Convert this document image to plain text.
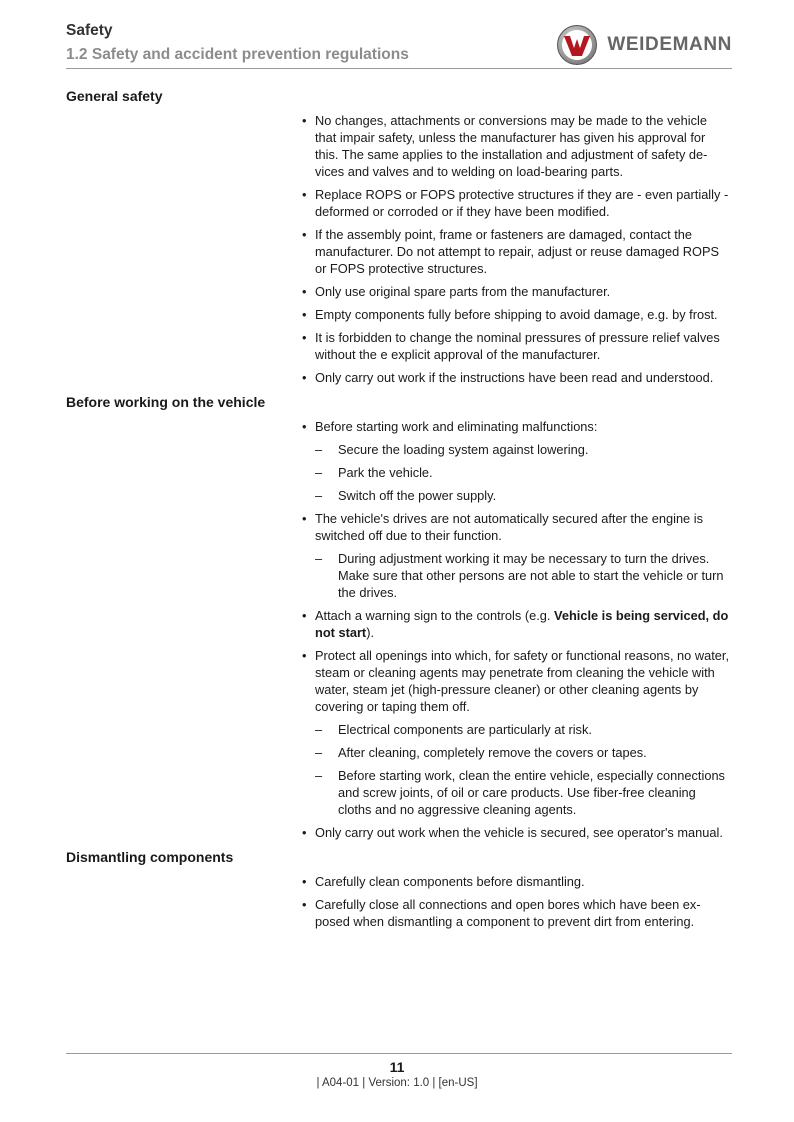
Safety
1.2 Safety and accident prevention regulations	WEIDEMANN
General safety
• No changes, attachments or conversions may be made to the vehicle that impair safety, unless the manufacturer has given his approval for this. The same applies to the installation and adjustment of safety devices and valves and to welding on load-bearing parts.
• Replace ROPS or FOPS protective structures if they are - even partially - deformed or corroded or if they have been modified.
• If the assembly point, frame or fasteners are damaged, contact the manufacturer. Do not attempt to repair, adjust or reuse damaged ROPS or FOPS protective structures.
• Only use original spare parts from the manufacturer.
• Empty components fully before shipping to avoid damage, e.g. by frost.
• It is forbidden to change the nominal pressures of pressure relief valves without the e explicit approval of the manufacturer.
• Only carry out work if the instructions have been read and understood.
Before working on the vehicle
• Before starting work and eliminating malfunctions:
– Secure the loading system against lowering.
– Park the vehicle.
– Switch off the power supply.
• The vehicle's drives are not automatically secured after the engine is switched off due to their function.
– During adjustment working it may be necessary to turn the drives. Make sure that other persons are not able to start the vehicle or turn the drives.
• Attach a warning sign to the controls (e.g. Vehicle is being serviced, do not start).
• Protect all openings into which, for safety or functional reasons, no water, steam or cleaning agents may penetrate from cleaning the vehicle with water, steam jet (high-pressure cleaner) or other cleaning agents by covering or taping them off.
– Electrical components are particularly at risk.
– After cleaning, completely remove the covers or tapes.
– Before starting work, clean the entire vehicle, especially connections and screw joints, of oil or care products. Use fiber-free cleaning cloths and no aggressive cleaning agents.
• Only carry out work when the vehicle is secured, see operator's manual.
Dismantling components
• Carefully clean components before dismantling.
• Carefully close all connections and open bores which have been exposed when dismantling a component to prevent dirt from entering.
11
| A04-01 | Version: 1.0 | [en-US]
